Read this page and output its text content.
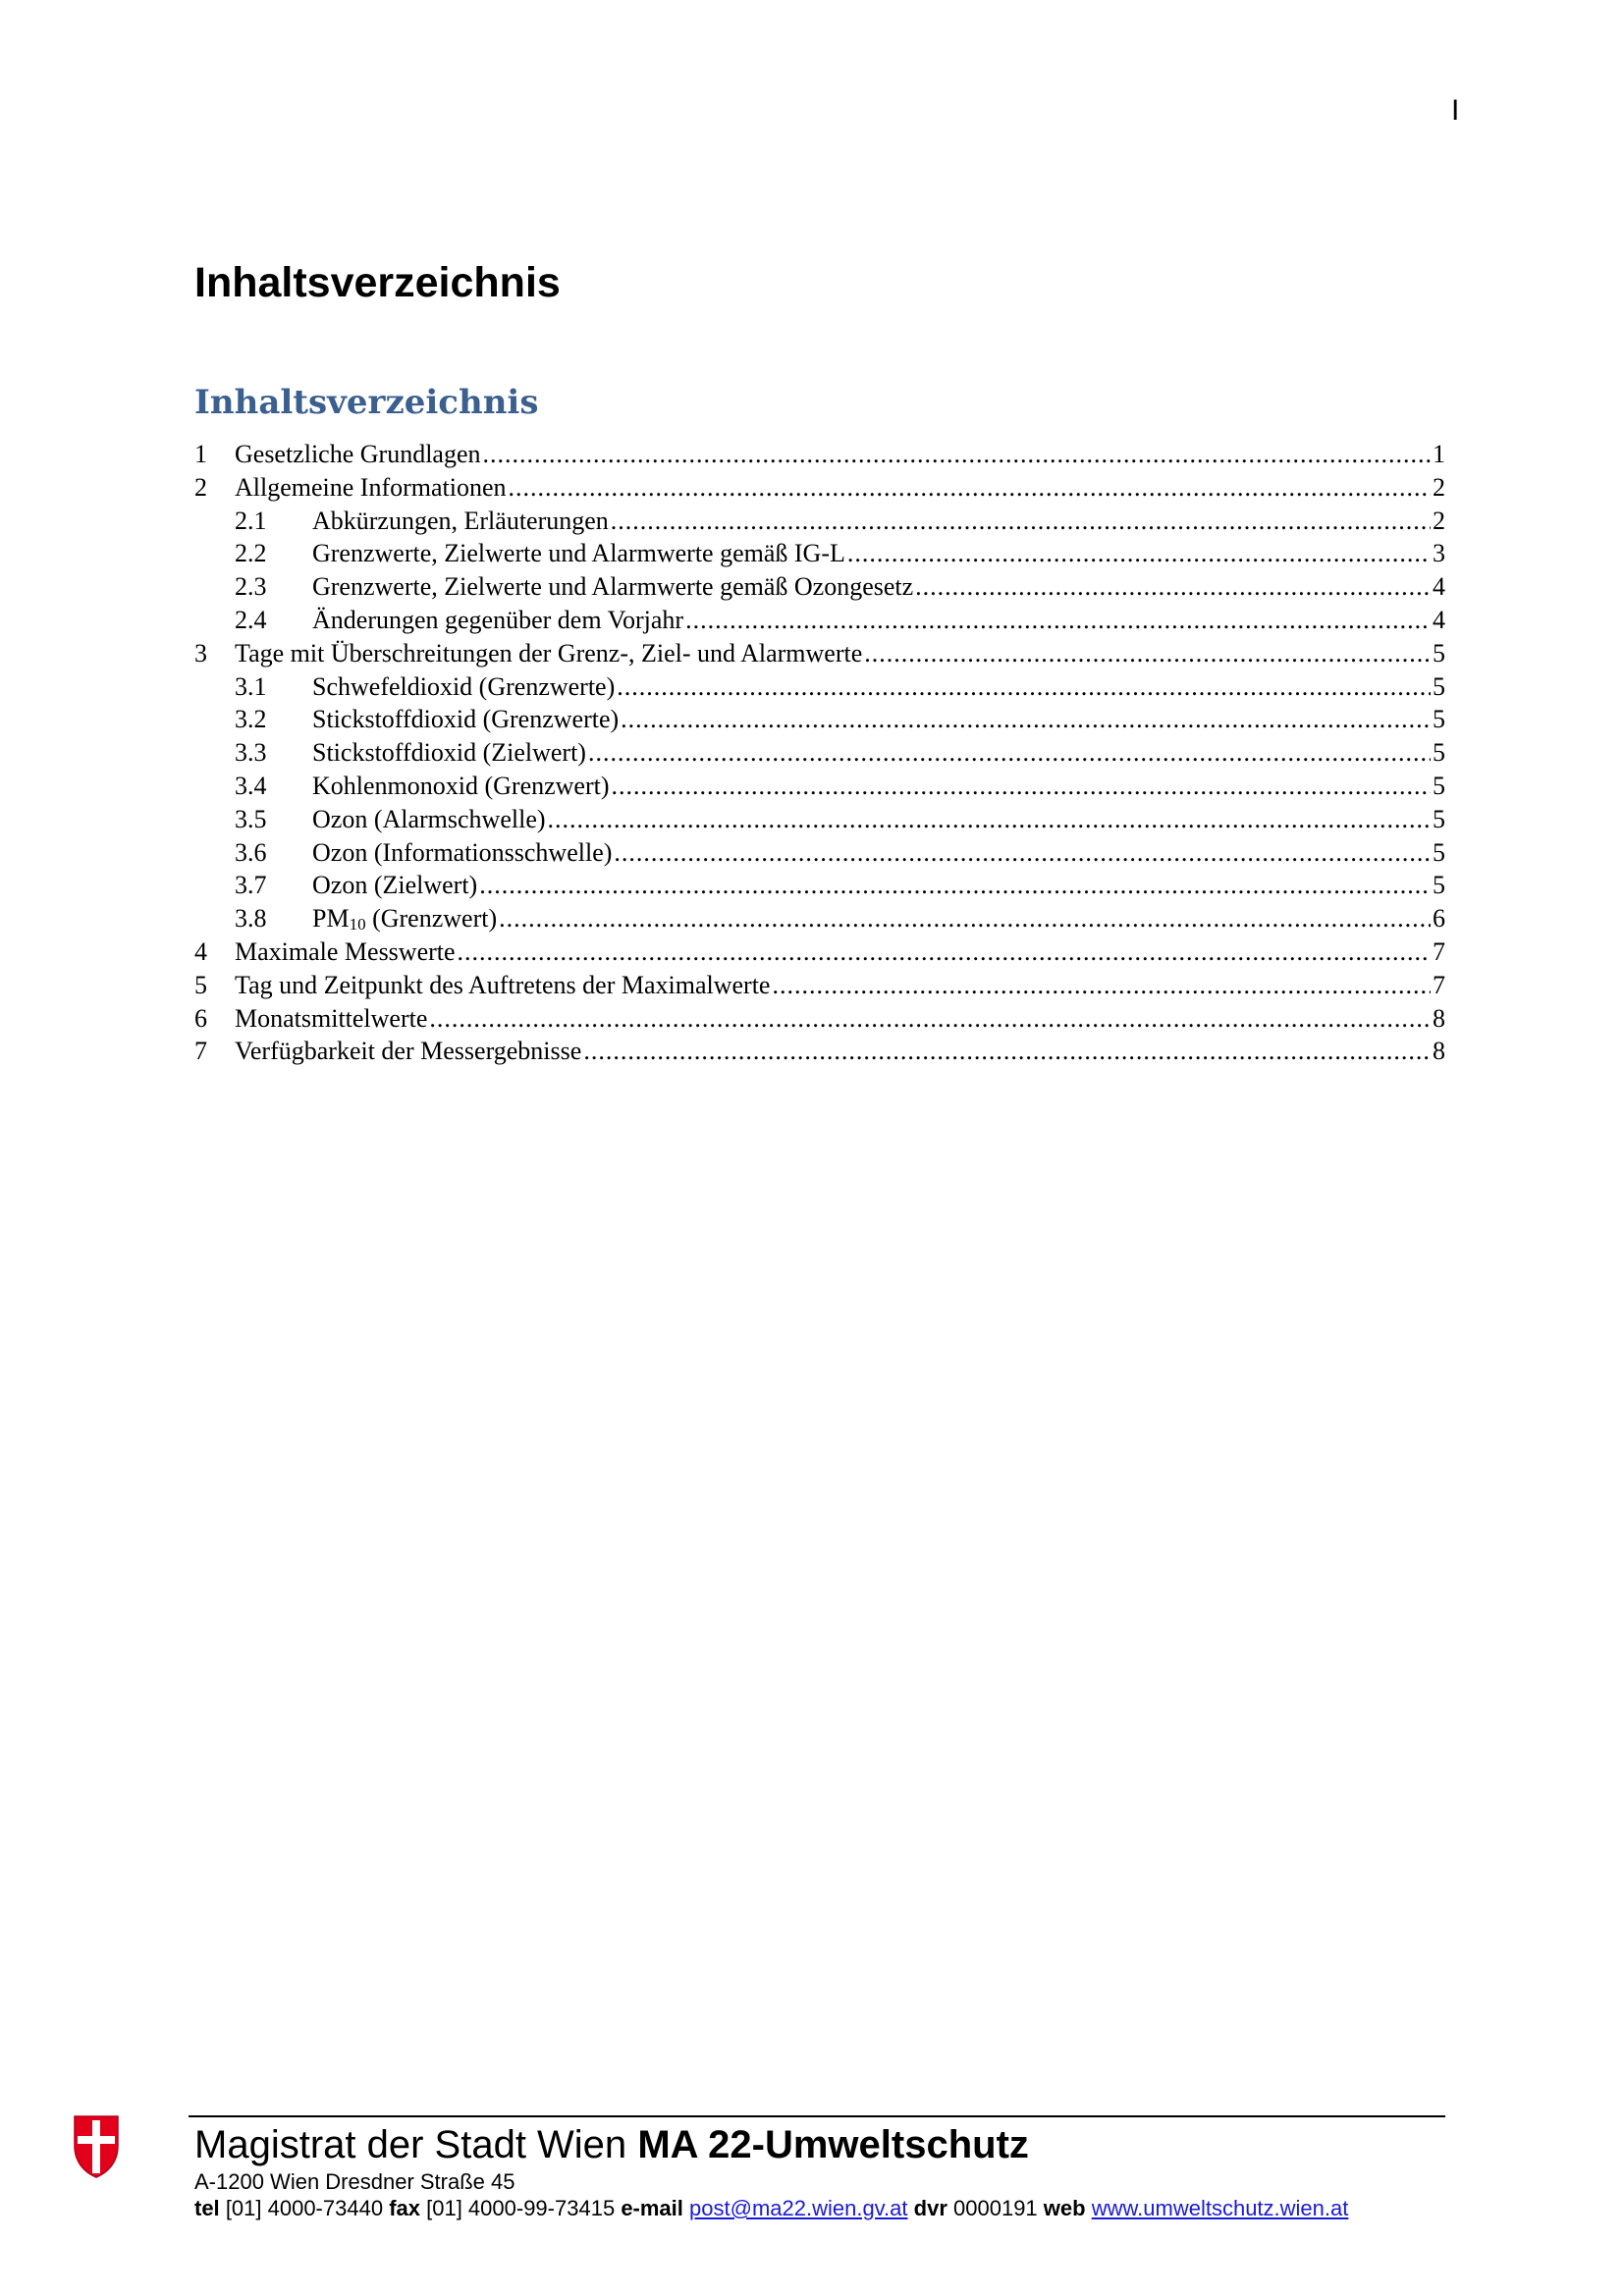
I
Inhaltsverzeichnis
Inhaltsverzeichnis
1	Gesetzliche Grundlagen .....	1
2	Allgemeine Informationen .....	2
2.1	Abkürzungen, Erläuterungen .....	2
2.2	Grenzwerte, Zielwerte und Alarmwerte gemäß IG-L .....	3
2.3	Grenzwerte, Zielwerte und Alarmwerte gemäß Ozongesetz .....	4
2.4	Änderungen gegenüber dem Vorjahr .....	4
3	Tage mit Überschreitungen der Grenz-, Ziel- und Alarmwerte .....	5
3.1	Schwefeldioxid (Grenzwerte) .....	5
3.2	Stickstoffdioxid (Grenzwerte) .....	5
3.3	Stickstoffdioxid (Zielwert) .....	5
3.4	Kohlenmonoxid (Grenzwert) .....	5
3.5	Ozon (Alarmschwelle) .....	5
3.6	Ozon (Informationsschwelle) .....	5
3.7	Ozon (Zielwert) .....	5
3.8	$PM_{10}$ (Grenzwert) .....	6
4	Maximale Messwerte .....	7
5	Tag und Zeitpunkt des Auftretens der Maximalwerte .....	7
6	Monatsmittelwerte .....	8
7	Verfügbarkeit der Messergebnisse .....	8
Magistrat der Stadt Wien MA 22-Umweltschutz
A-1200 Wien Dresdner Straße 45
tel [01] 4000-73440 fax [01] 4000-99-73415 e-mail post@ma22.wien.gv.at dvr 0000191 web www.umweltschutz.wien.at
